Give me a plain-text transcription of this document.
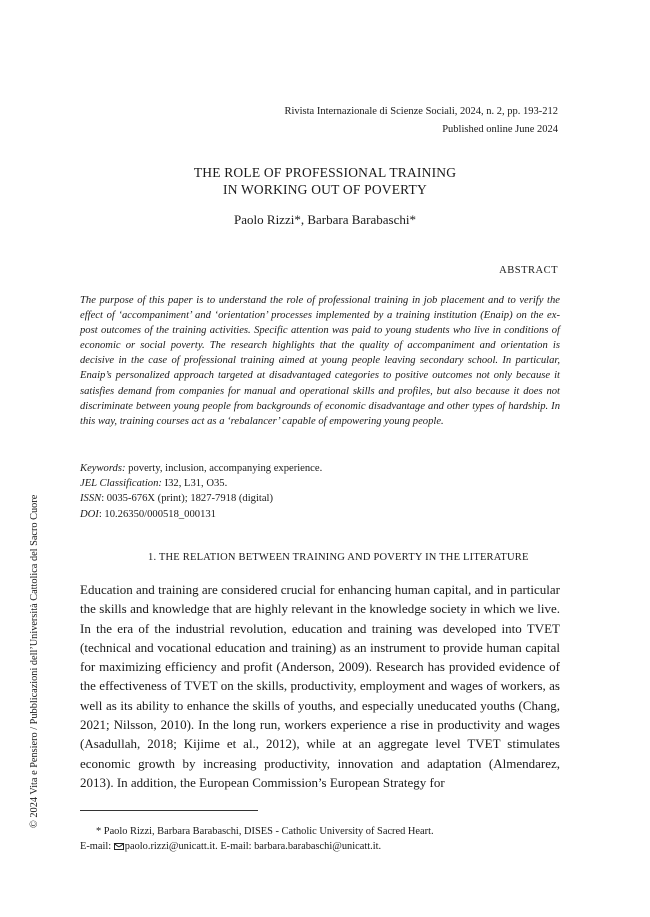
Rivista Internazionale di Scienze Sociali, 2024, n. 2, pp. 193-212
Published online June 2024
THE ROLE OF PROFESSIONAL TRAINING
IN WORKING OUT OF POVERTY
Paolo Rizzi*, Barbara Barabaschi*
ABSTRACT

The purpose of this paper is to understand the role of professional training in job placement and to verify the effect of ‘accompaniment’ and ‘orientation’ processes implemented by a training institution (Enaip) on the ex-post outcomes of the training activities. Specific attention was paid to young students who live in conditions of economic or social poverty. The research highlights that the quality of accompaniment and orientation is decisive in the case of professional training aimed at young people leaving secondary school. In particular, Enaip’s personalized approach targeted at disadvantaged categories to positive outcomes not only because it satisfies demand from companies for manual and operational skills and profiles, but also because it does not discriminate between young people from backgrounds of economic disadvantage and other types of hardship. In this way, training courses act as a ‘rebalancer’ capable of empowering young people.

Keywords: poverty, inclusion, accompanying experience.
JEL Classification: I32, L31, O35.
ISSN: 0035-676X (print); 1827-7918 (digital)
DOI: 10.26350/000518_000131
1. THE RELATION BETWEEN TRAINING AND POVERTY IN THE LITERATURE

Education and training are considered crucial for enhancing human capital, and in particular the skills and knowledge that are highly relevant in the knowledge society in which we live. In the era of the industrial revolution, education and training was developed into TVET (technical and vocational education and training) as an instrument to provide human capital for maximizing efficiency and profit (Anderson, 2009). Research has provided evidence of the effectiveness of TVET on the skills, productivity, employment and wages of workers, as well as its ability to enhance the skills of youths, and especially uneducated youths (Chang, 2021; Nilsson, 2010). In the long run, workers experience a rise in productivity and wages (Asadullah, 2018; Kijime et al., 2012), while at an aggregate level TVET stimulates economic growth by increasing productivity, innovation and adaptation (Almendarez, 2013). In addition, the European Commission’s European Strategy for

* Paolo Rizzi, Barbara Barabaschi, DISES - Catholic University of Sacred Heart.
E-mail: paolo.rizzi@unicatt.it. E-mail: barbara.barabaschi@unicatt.it.
© 2024 Vita e Pensiero / Pubblicazioni dell’Università Cattolica del Sacro Cuore
